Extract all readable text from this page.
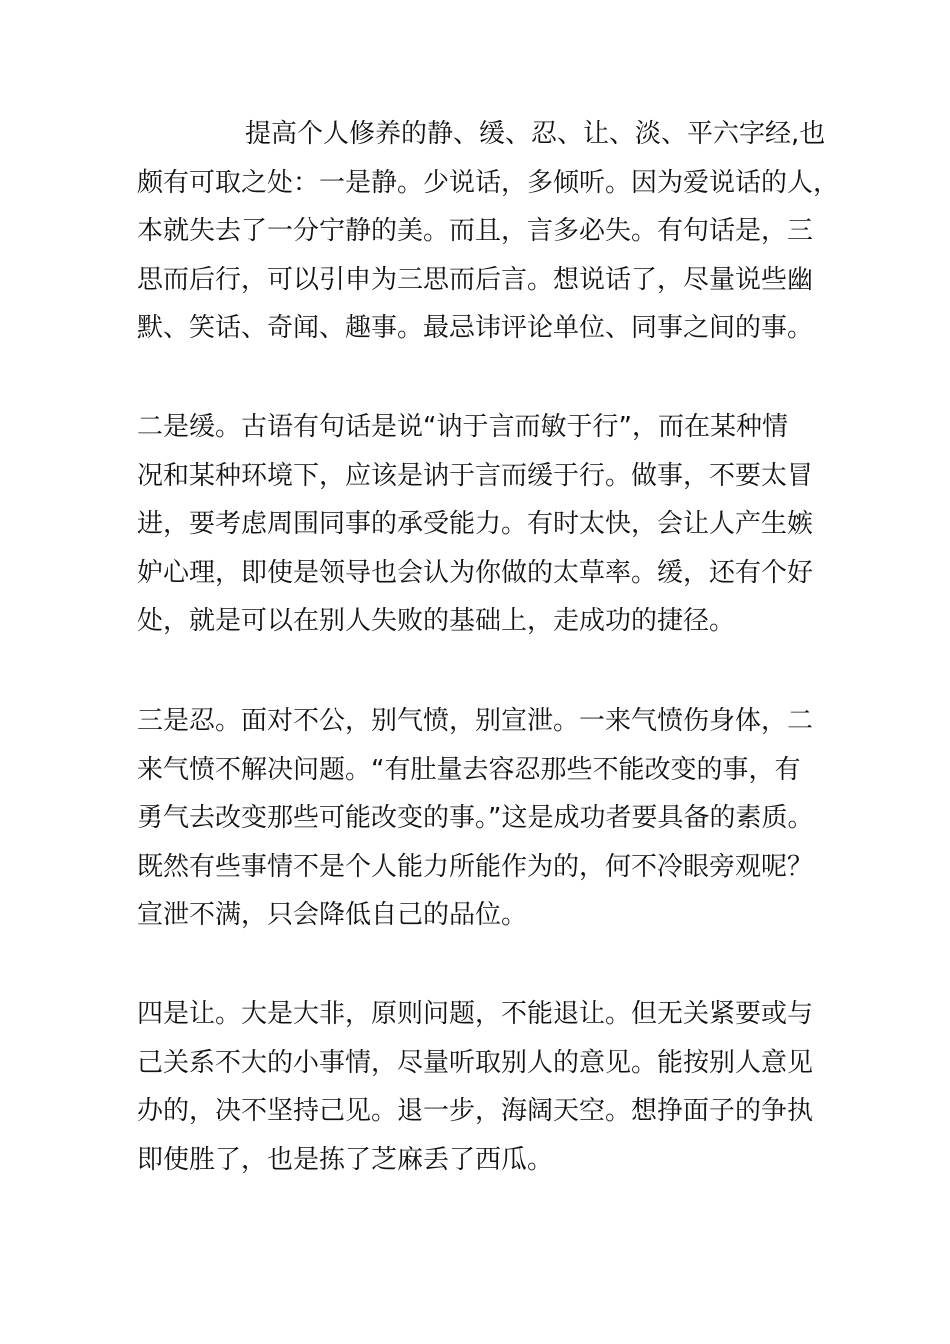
提高个人修养的静、缓、忍、让、淡、平六字经,也
颇有可取之处：一是静。少说话，多倾听。因为爱说话的人，
本就失去了一分宁静的美。而且，言多必失。有句话是，三
思而后行，可以引申为三思而后言。想说话了，尽量说些幽
默、笑话、奇闻、趣事。最忌讳评论单位、同事之间的事。
二是缓。古语有句话是说“讷于言而敏于行”，而在某种情
况和某种环境下，应该是讷于言而缓于行。做事，不要太冒
进，要考虑周围同事的承受能力。有时太快，会让人产生嫉
妒心理，即使是领导也会认为你做的太草率。缓，还有个好
处，就是可以在别人失败的基础上，走成功的捷径。
三是忍。面对不公，别气愤，别宣泄。一来气愤伤身体，二
来气愤不解决问题。“有肚量去容忍那些不能改变的事，有
勇气去改变那些可能改变的事。”这是成功者要具备的素质。
既然有些事情不是个人能力所能作为的，何不冷眼旁观呢？
宣泄不满，只会降低自己的品位。
四是让。大是大非，原则问题，不能退让。但无关紧要或与
己关系不大的小事情，尽量听取别人的意见。能按别人意见
办的，决不坚持己见。退一步，海阔天空。想挣面子的争执
即使胜了，也是拣了芝麻丢了西瓜。
